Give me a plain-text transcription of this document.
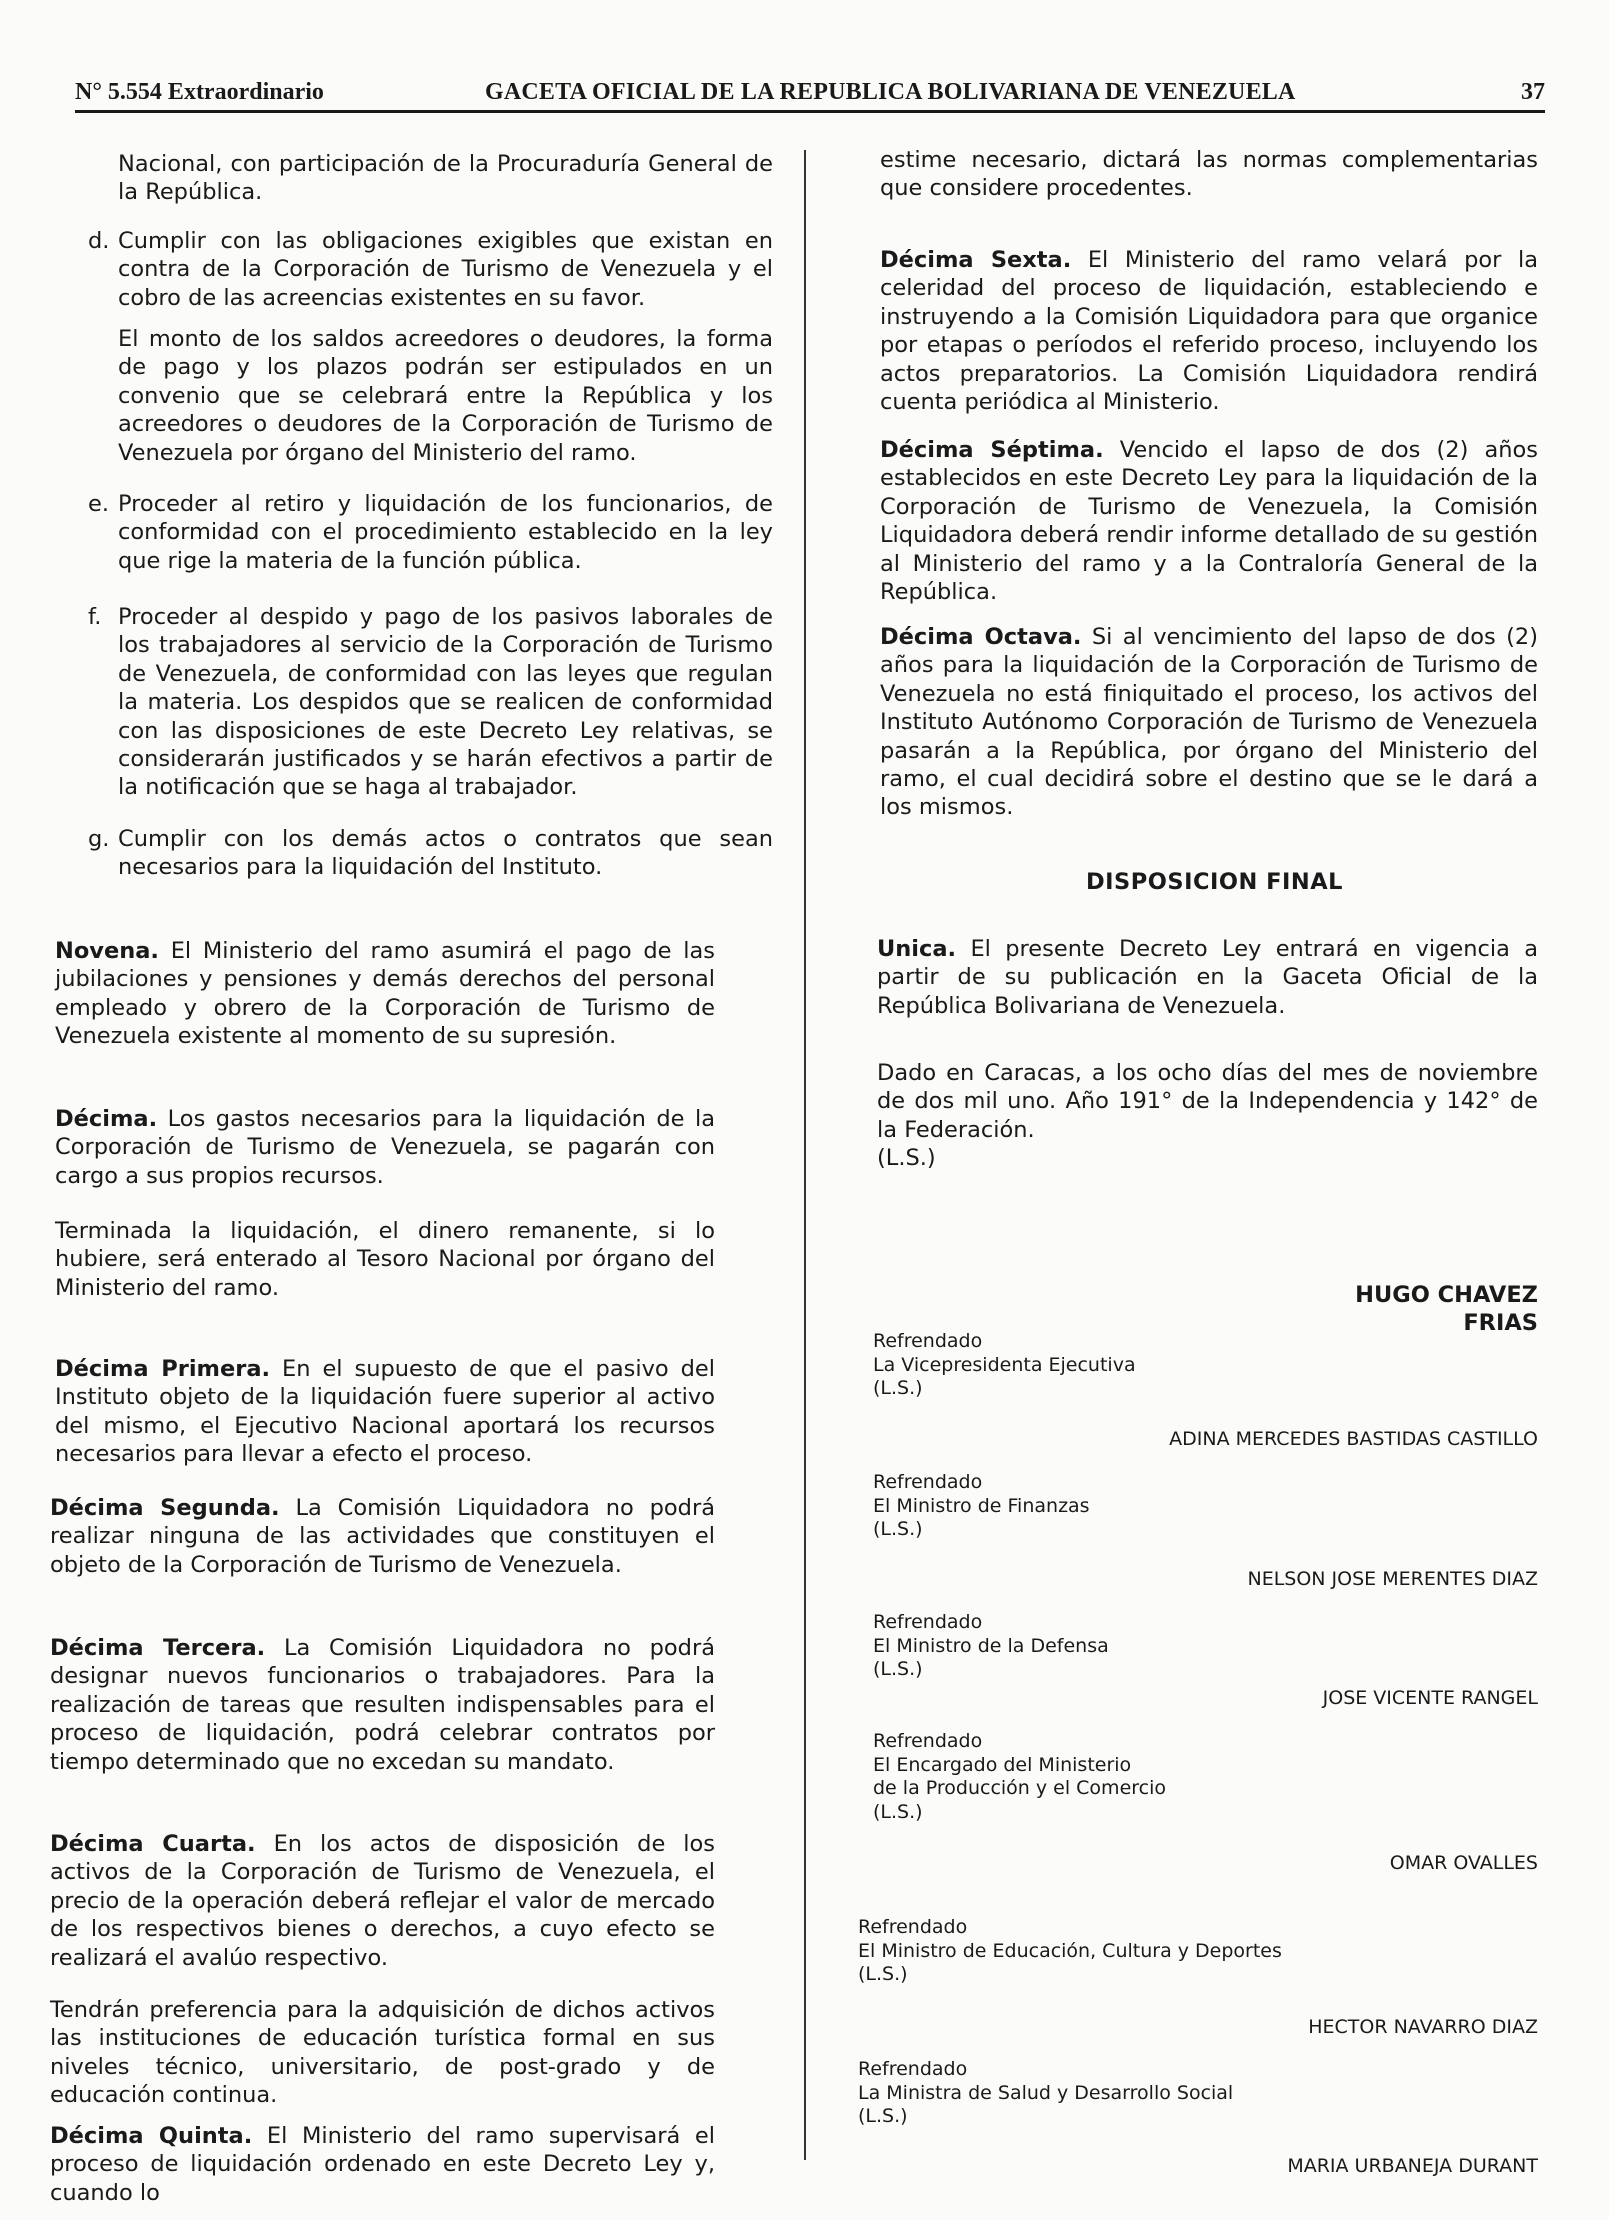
N° 5.554 Extraordinario	GACETA OFICIAL DE LA REPUBLICA BOLIVARIANA DE VENEZUELA	37

Nacional, con participación de la Procuraduría General de la República.

d. Cumplir con las obligaciones exigibles que existan en contra de la Corporación de Turismo de Venezuela y el cobro de las acreencias existentes en su favor.

El monto de los saldos acreedores o deudores, la forma de pago y los plazos podrán ser estipulados en un convenio que se celebrará entre la República y los acreedores o deudores de la Corporación de Turismo de Venezuela por órgano del Ministerio del ramo.

e. Proceder al retiro y liquidación de los funcionarios, de conformidad con el procedimiento establecido en la ley que rige la materia de la función pública.

f. Proceder al despido y pago de los pasivos laborales de los trabajadores al servicio de la Corporación de Turismo de Venezuela, de conformidad con las leyes que regulan la materia. Los despidos que se realicen de conformidad con las disposiciones de este Decreto Ley relativas, se considerarán justificados y se harán efectivos a partir de la notificación que se haga al trabajador.

g. Cumplir con los demás actos o contratos que sean necesarios para la liquidación del Instituto.

Novena. El Ministerio del ramo asumirá el pago de las jubilaciones y pensiones y demás derechos del personal empleado y obrero de la Corporación de Turismo de Venezuela existente al momento de su supresión.

Décima. Los gastos necesarios para la liquidación de la Corporación de Turismo de Venezuela, se pagarán con cargo a sus propios recursos.

Terminada la liquidación, el dinero remanente, si lo hubiere, será enterado al Tesoro Nacional por órgano del Ministerio del ramo.

Décima Primera. En el supuesto de que el pasivo del Instituto objeto de la liquidación fuere superior al activo del mismo, el Ejecutivo Nacional aportará los recursos necesarios para llevar a efecto el proceso.

Décima Segunda. La Comisión Liquidadora no podrá realizar ninguna de las actividades que constituyen el objeto de la Corporación de Turismo de Venezuela.

Décima Tercera. La Comisión Liquidadora no podrá designar nuevos funcionarios o trabajadores. Para la realización de tareas que resulten indispensables para el proceso de liquidación, podrá celebrar contratos por tiempo determinado que no excedan su mandato.

Décima Cuarta. En los actos de disposición de los activos de la Corporación de Turismo de Venezuela, el precio de la operación deberá reflejar el valor de mercado de los respectivos bienes o derechos, a cuyo efecto se realizará el avalúo respectivo.

Tendrán preferencia para la adquisición de dichos activos las instituciones de educación turística formal en sus niveles técnico, universitario, de post-grado y de educación continua.

Décima Quinta. El Ministerio del ramo supervisará el proceso de liquidación ordenado en este Decreto Ley y, cuando lo

estime necesario, dictará las normas complementarias que considere procedentes.

Décima Sexta. El Ministerio del ramo velará por la celeridad del proceso de liquidación, estableciendo e instruyendo a la Comisión Liquidadora para que organice por etapas o períodos el referido proceso, incluyendo los actos preparatorios. La Comisión Liquidadora rendirá cuenta periódica al Ministerio.

Décima Séptima. Vencido el lapso de dos (2) años establecidos en este Decreto Ley para la liquidación de la Corporación de Turismo de Venezuela, la Comisión Liquidadora deberá rendir informe detallado de su gestión al Ministerio del ramo y a la Contraloría General de la República.

Décima Octava. Si al vencimiento del lapso de dos (2) años para la liquidación de la Corporación de Turismo de Venezuela no está finiquitado el proceso, los activos del Instituto Autónomo Corporación de Turismo de Venezuela pasarán a la República, por órgano del Ministerio del ramo, el cual decidirá sobre el destino que se le dará a los mismos.

DISPOSICION FINAL

Unica. El presente Decreto Ley entrará en vigencia a partir de su publicación en la Gaceta Oficial de la República Bolivariana de Venezuela.

Dado en Caracas, a los ocho días del mes de noviembre de dos mil uno. Año 191° de la Independencia y 142° de la Federación.

(L.S.)
HUGO CHAVEZ FRIAS
Refrendado
La Vicepresidenta Ejecutiva
(L.S.)
ADINA MERCEDES BASTIDAS CASTILLO
Refrendado
El Ministro de Finanzas
(L.S.)
NELSON JOSE MERENTES DIAZ
Refrendado
El Ministro de la Defensa
(L.S.)
JOSE VICENTE RANGEL
Refrendado
El Encargado del Ministerio
de la Producción y el Comercio
(L.S.)
OMAR OVALLES
Refrendado
El Ministro de Educación, Cultura y Deportes
(L.S.)
HECTOR NAVARRO DIAZ
Refrendado
La Ministra de Salud y Desarrollo Social
(L.S.)
MARIA URBANEJA DURANT
